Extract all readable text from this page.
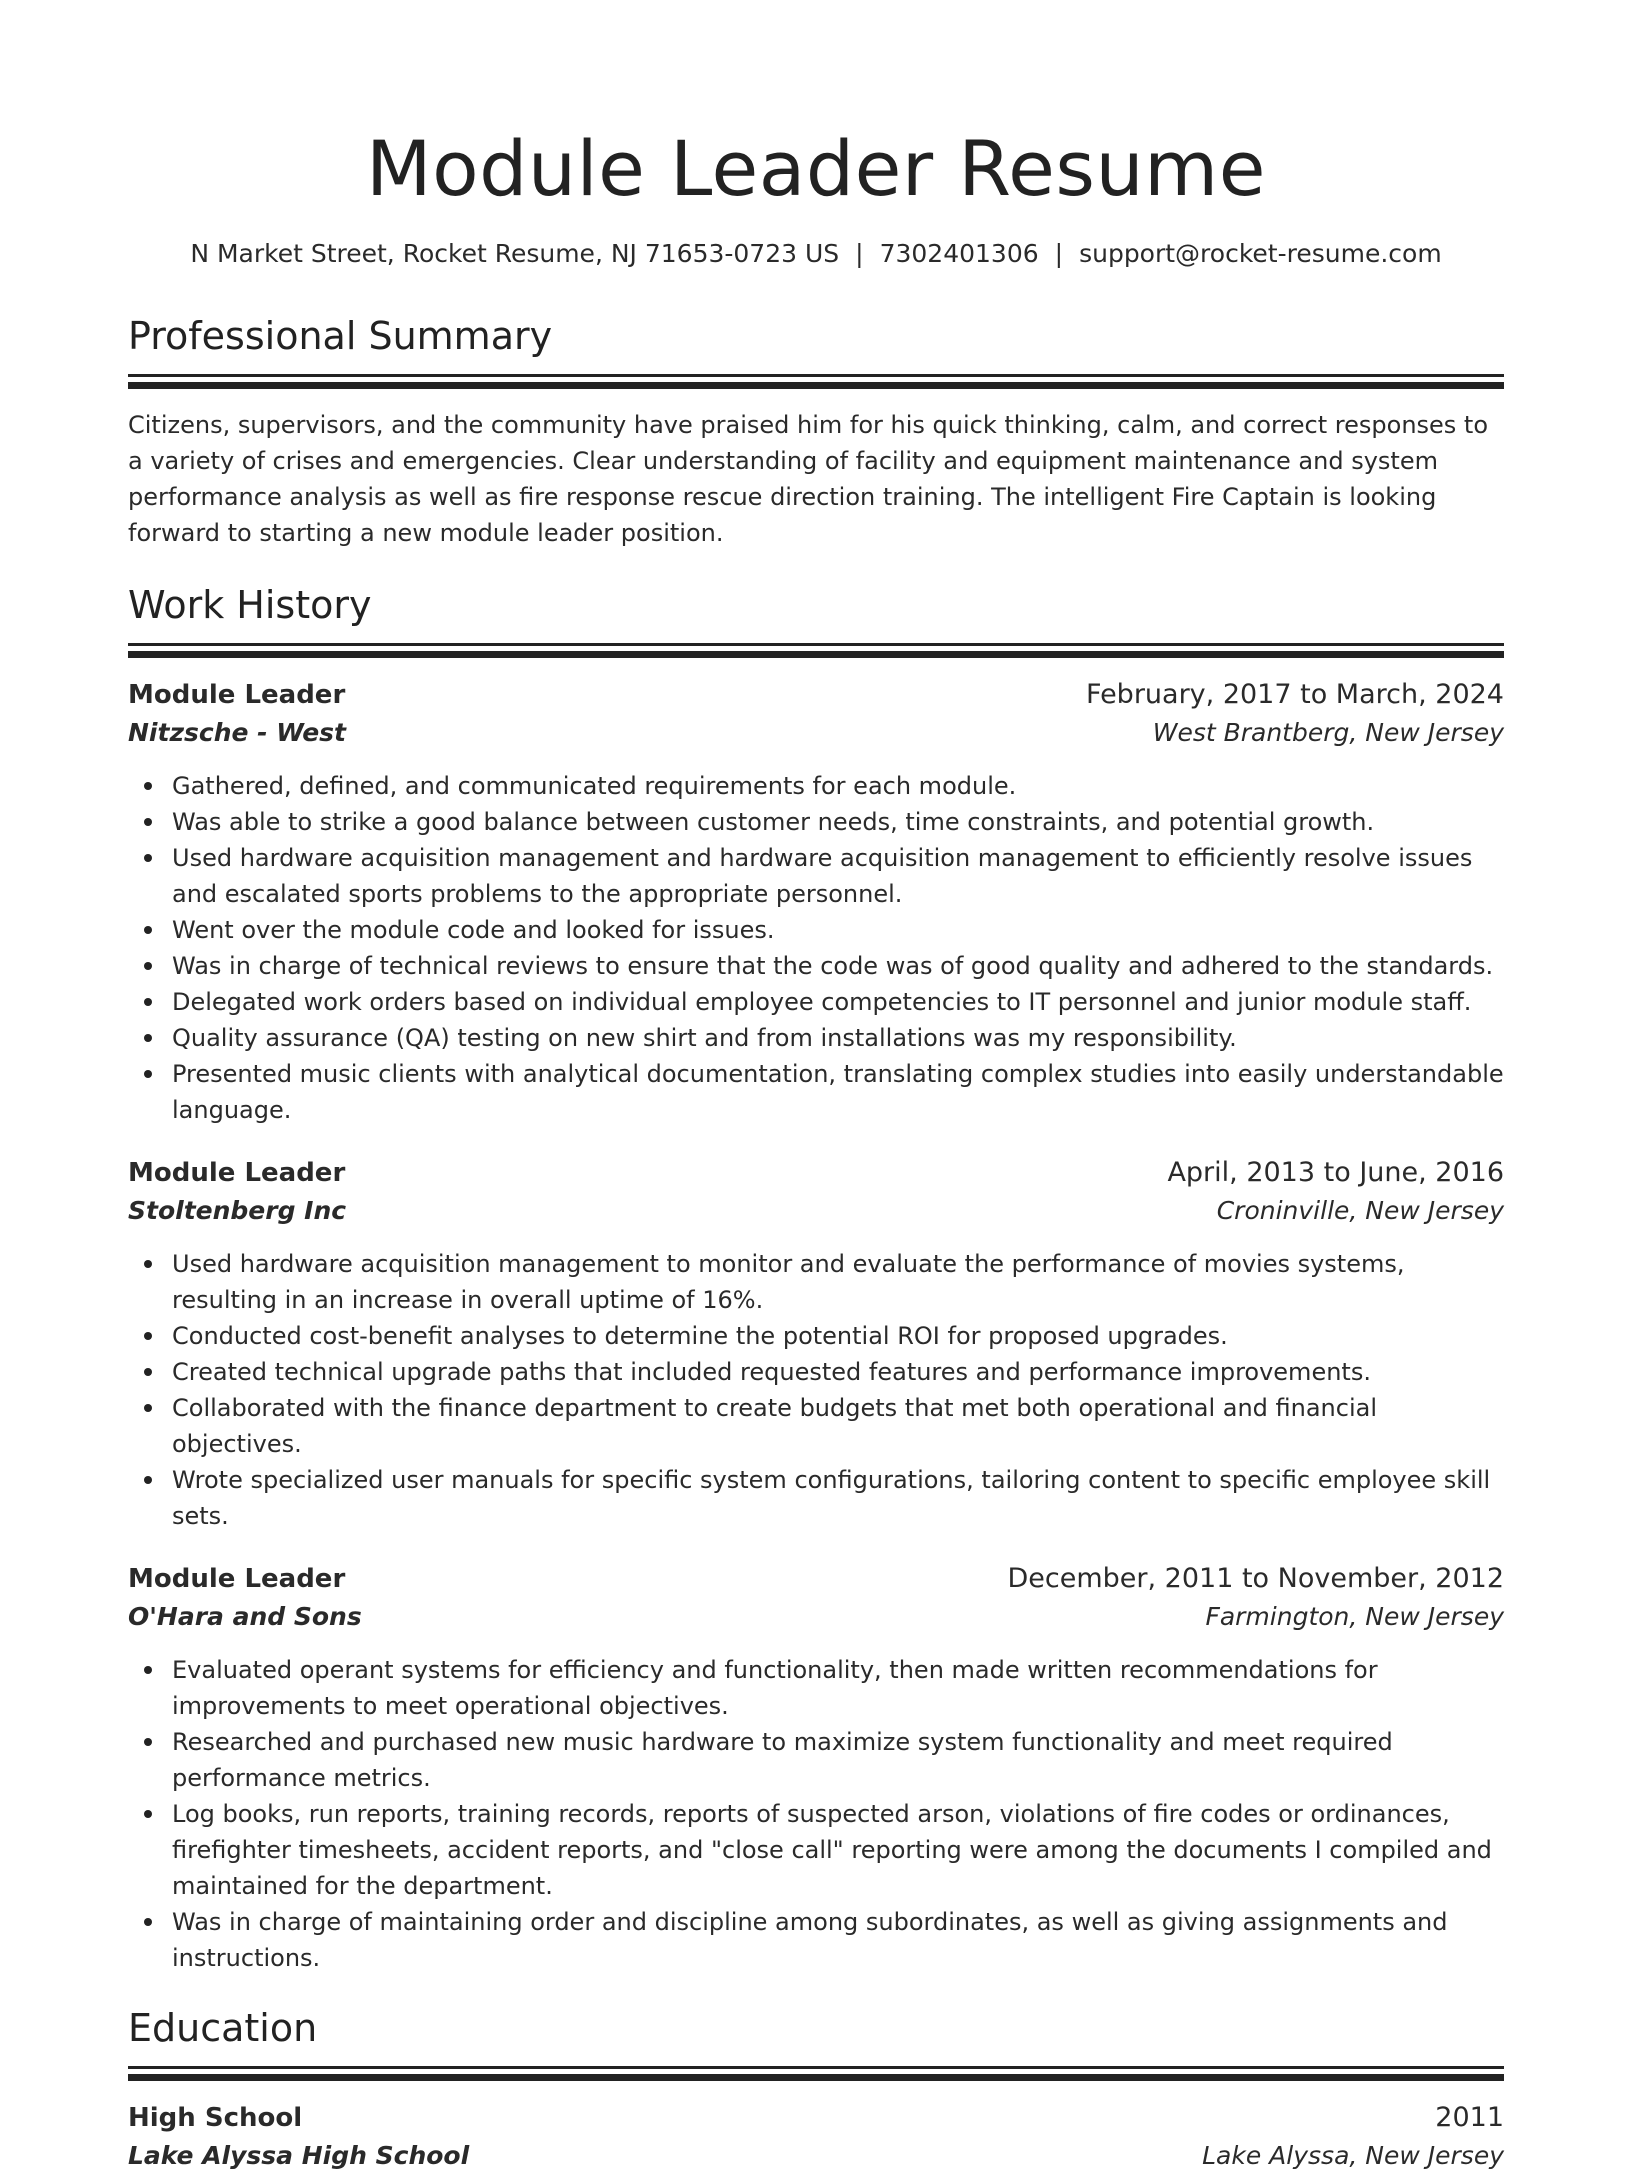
Module Leader Resume
N Market Street, Rocket Resume, NJ 71653-0723 US | 7302401306 | support@rocket-resume.com
Professional Summary

Citizens, supervisors, and the community have praised him for his quick thinking, calm, and correct responses to a variety of crises and emergencies. Clear understanding of facility and equipment maintenance and system performance analysis as well as fire response rescue direction training. The intelligent Fire Captain is looking forward to starting a new module leader position.

Work History
Module Leader	February, 2017 to March, 2024
Nitzsche - West	West Brantberg, New Jersey
Gathered, defined, and communicated requirements for each module.
Was able to strike a good balance between customer needs, time constraints, and potential growth.
Used hardware acquisition management and hardware acquisition management to efficiently resolve issues and escalated sports problems to the appropriate personnel.
Went over the module code and looked for issues.
Was in charge of technical reviews to ensure that the code was of good quality and adhered to the standards.
Delegated work orders based on individual employee competencies to IT personnel and junior module staff.
Quality assurance (QA) testing on new shirt and from installations was my responsibility.
Presented music clients with analytical documentation, translating complex studies into easily understandable language.
Module Leader	April, 2013 to June, 2016
Stoltenberg Inc	Croninville, New Jersey
Used hardware acquisition management to monitor and evaluate the performance of movies systems, resulting in an increase in overall uptime of 16%.
Conducted cost-benefit analyses to determine the potential ROI for proposed upgrades.
Created technical upgrade paths that included requested features and performance improvements.
Collaborated with the finance department to create budgets that met both operational and financial objectives.
Wrote specialized user manuals for specific system configurations, tailoring content to specific employee skill sets.
Module Leader	December, 2011 to November, 2012
O'Hara and Sons	Farmington, New Jersey
Evaluated operant systems for efficiency and functionality, then made written recommendations for improvements to meet operational objectives.
Researched and purchased new music hardware to maximize system functionality and meet required performance metrics.
Log books, run reports, training records, reports of suspected arson, violations of fire codes or ordinances, firefighter timesheets, accident reports, and "close call" reporting were among the documents I compiled and maintained for the department.
Was in charge of maintaining order and discipline among subordinates, as well as giving assignments and instructions.
Education
High School	2011
Lake Alyssa High School	Lake Alyssa, New Jersey
